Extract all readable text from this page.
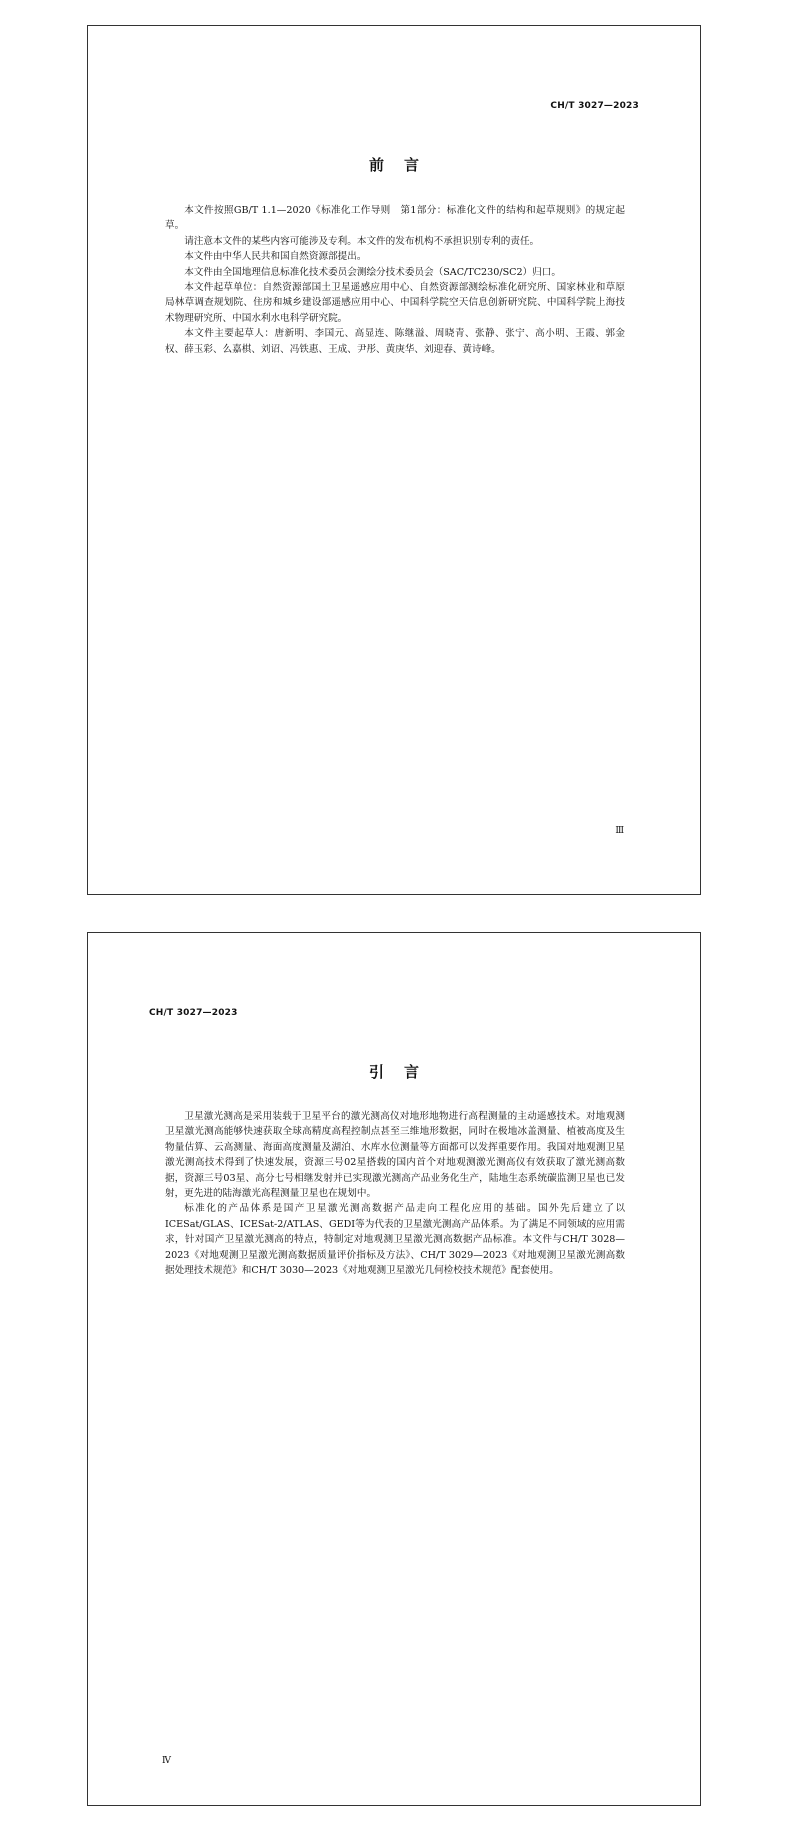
CH/T 3027—2023
前言

本文件按照GB/T 1.1—2020《标准化工作导则　第1部分：标准化文件的结构和起草规则》的规定起草。

请注意本文件的某些内容可能涉及专利。本文件的发布机构不承担识别专利的责任。

本文件由中华人民共和国自然资源部提出。

本文件由全国地理信息标准化技术委员会测绘分技术委员会（SAC/TC230/SC2）归口。

本文件起草单位：自然资源部国土卫星遥感应用中心、自然资源部测绘标准化研究所、国家林业和草原局林草调查规划院、住房和城乡建设部遥感应用中心、中国科学院空天信息创新研究院、中国科学院上海技术物理研究所、中国水利水电科学研究院。

本文件主要起草人：唐新明、李国元、高显连、陈继溢、周晓青、张静、张宁、高小明、王霞、郭金权、薛玉彩、么嘉棋、刘诏、冯铁惠、王成、尹彤、黄庚华、刘迎春、黄诗峰。

Ⅲ
CH/T 3027—2023
引言

卫星激光测高是采用装载于卫星平台的激光测高仪对地形地物进行高程测量的主动遥感技术。对地观测卫星激光测高能够快速获取全球高精度高程控制点甚至三维地形数据，同时在极地冰盖测量、植被高度及生物量估算、云高测量、海面高度测量及湖泊、水库水位测量等方面都可以发挥重要作用。我国对地观测卫星激光测高技术得到了快速发展，资源三号02星搭载的国内首个对地观测激光测高仪有效获取了激光测高数据，资源三号03星、高分七号相继发射并已实现激光测高产品业务化生产，陆地生态系统碳监测卫星也已发射，更先进的陆海激光高程测量卫星也在规划中。

标准化的产品体系是国产卫星激光测高数据产品走向工程化应用的基础。国外先后建立了以ICESat/GLAS、ICESat-2/ATLAS、GEDI等为代表的卫星激光测高产品体系。为了满足不同领域的应用需求，针对国产卫星激光测高的特点，特制定对地观测卫星激光测高数据产品标准。本文件与CH/T 3028—2023《对地观测卫星激光测高数据质量评价指标及方法》、CH/T 3029—2023《对地观测卫星激光测高数据处理技术规范》和CH/T 3030—2023《对地观测卫星激光几何检校技术规范》配套使用。

Ⅳ
